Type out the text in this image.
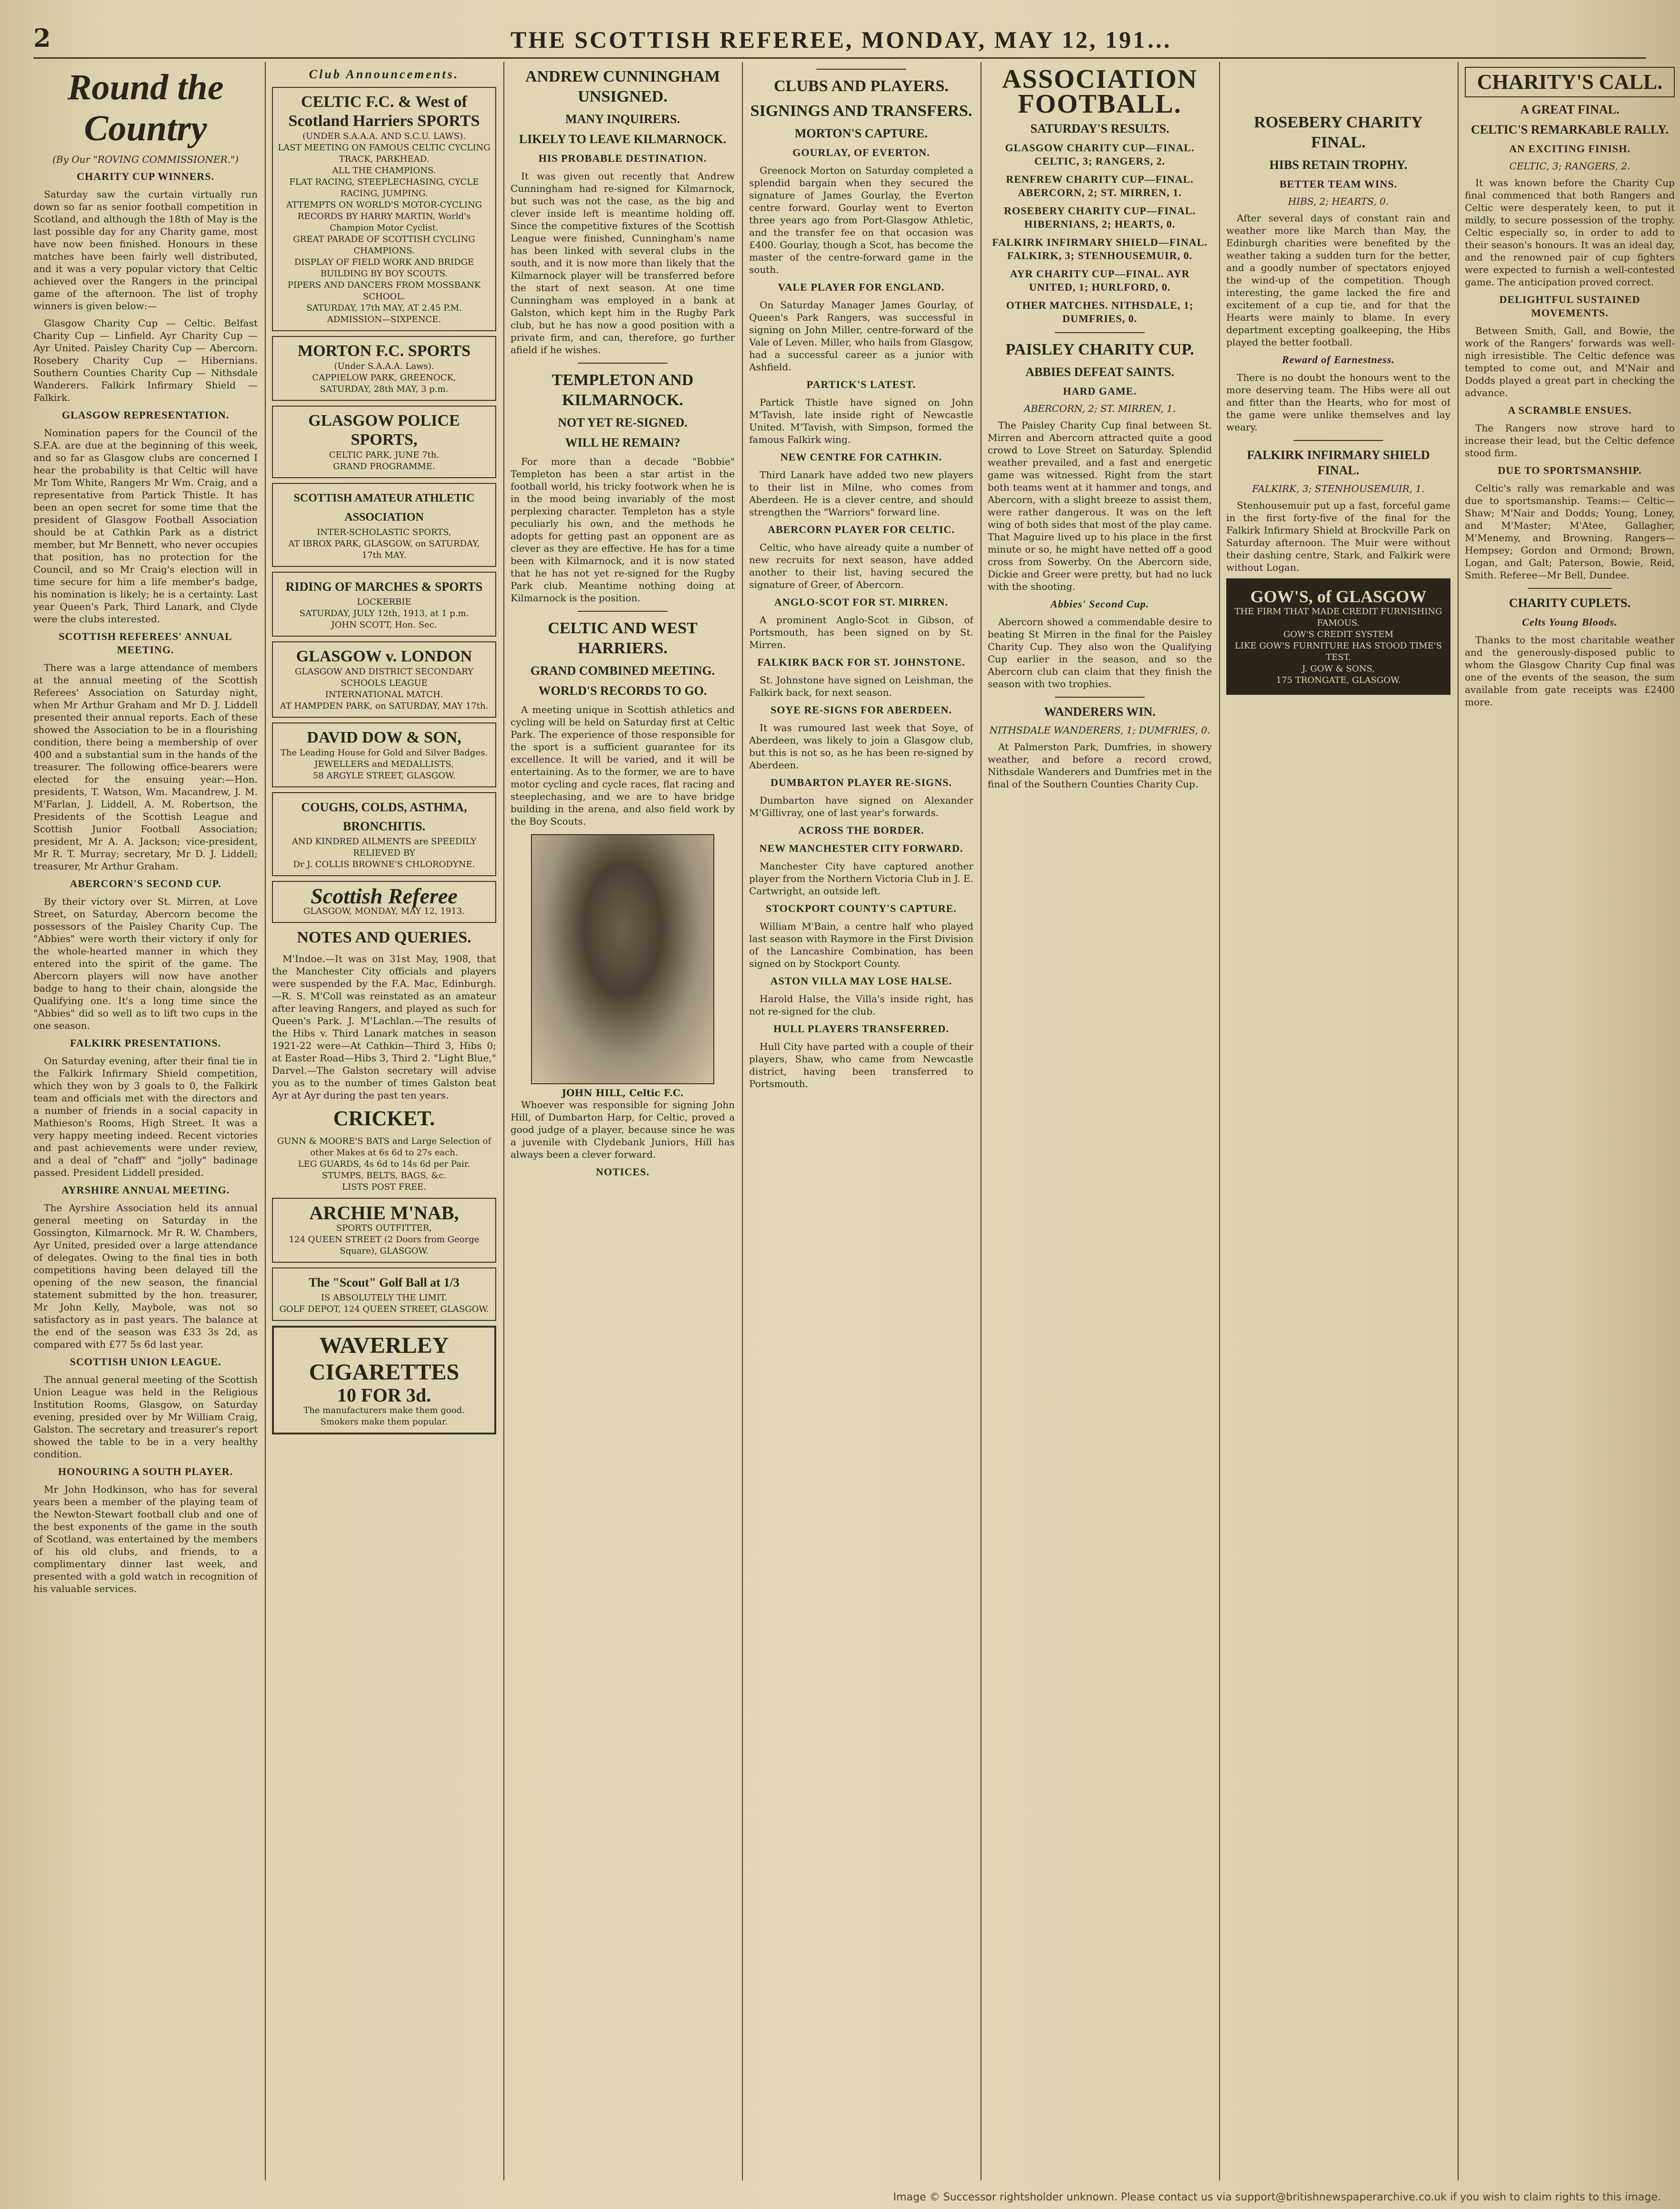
2	THE SCOTTISH REFEREE, MONDAY, MAY 12, 191…
Round the Country
(By Our "ROVING COMMISSIONER.")
CHARITY CUP WINNERS.

Saturday saw the curtain virtually run down so far as senior football competition in Scotland, and although the 18th of May is the last possible day for any Charity game, most have now been finished. Honours in these matches have been fairly well distributed, and it was a very popular victory that Celtic achieved over the Rangers in the principal game of the afternoon. The list of trophy winners is given below:—

Glasgow Charity Cup — Celtic. Belfast Charity Cup — Linfield. Ayr Charity Cup — Ayr United. Paisley Charity Cup — Abercorn. Rosebery Charity Cup — Hibernians. Southern Counties Charity Cup — Nithsdale Wanderers. Falkirk Infirmary Shield — Falkirk.

GLASGOW REPRESENTATION.

Nomination papers for the Council of the S.F.A. are due at the beginning of this week, and so far as Glasgow clubs are concerned I hear the probability is that Celtic will have Mr Tom White, Rangers Mr Wm. Craig, and a representative from Partick Thistle. It has been an open secret for some time that the president of Glasgow Football Association should be at Cathkin Park as a district member, but Mr Bennett, who never occupies that position, has no protection for the Council, and so Mr Craig's election will in time secure for him a life member's badge, his nomination is likely; he is a certainty. Last year Queen's Park, Third Lanark, and Clyde were the clubs interested.

SCOTTISH REFEREES' ANNUAL MEETING.

There was a large attendance of members at the annual meeting of the Scottish Referees' Association on Saturday night, when Mr Arthur Graham and Mr D. J. Liddell presented their annual reports. Each of these showed the Association to be in a flourishing condition, there being a membership of over 400 and a substantial sum in the hands of the treasurer. The following office-bearers were elected for the ensuing year:—Hon. presidents, T. Watson, Wm. Macandrew, J. M. M'Farlan, J. Liddell, A. M. Robertson, the Presidents of the Scottish League and Scottish Junior Football Association; president, Mr A. A. Jackson; vice-president, Mr R. T. Murray; secretary, Mr D. J. Liddell; treasurer, Mr Arthur Graham.

ABERCORN'S SECOND CUP.

By their victory over St. Mirren, at Love Street, on Saturday, Abercorn become the possessors of the Paisley Charity Cup. The "Abbies" were worth their victory if only for the whole-hearted manner in which they entered into the spirit of the game. The Abercorn players will now have another badge to hang to their chain, alongside the Qualifying one. It's a long time since the "Abbies" did so well as to lift two cups in the one season.

FALKIRK PRESENTATIONS.

On Saturday evening, after their final tie in the Falkirk Infirmary Shield competition, which they won by 3 goals to 0, the Falkirk team and officials met with the directors and a number of friends in a social capacity in Mathieson's Rooms, High Street. It was a very happy meeting indeed. Recent victories and past achievements were under review, and a deal of "chaff" and "jolly" badinage passed. President Liddell presided.

AYRSHIRE ANNUAL MEETING.

The Ayrshire Association held its annual general meeting on Saturday in the Gossington, Kilmarnock. Mr R. W. Chambers, Ayr United, presided over a large attendance of delegates. Owing to the final ties in both competitions having been delayed till the opening of the new season, the financial statement submitted by the hon. treasurer, Mr John Kelly, Maybole, was not so satisfactory as in past years. The balance at the end of the season was £33 3s 2d, as compared with £77 5s 6d last year.

SCOTTISH UNION LEAGUE.

The annual general meeting of the Scottish Union League was held in the Religious Institution Rooms, Glasgow, on Saturday evening, presided over by Mr William Craig, Galston. The secretary and treasurer's report showed the table to be in a very healthy condition.

HONOURING A SOUTH PLAYER.

Mr John Hodkinson, who has for several years been a member of the playing team of the Newton-Stewart football club and one of the best exponents of the game in the south of Scotland, was entertained by the members of his old clubs, and friends, to a complimentary dinner last week, and presented with a gold watch in recognition of his valuable services.

Club Announcements.
CELTIC F.C. & West of Scotland Harriers SPORTS
(UNDER S.A.A.A. AND S.C.U. LAWS).
LAST MEETING ON FAMOUS CELTIC CYCLING TRACK, PARKHEAD.
ALL THE CHAMPIONS.
FLAT RACING, STEEPLECHASING, CYCLE RACING, JUMPING.
ATTEMPTS ON WORLD'S MOTOR-CYCLING RECORDS BY HARRY MARTIN, World's Champion Motor Cyclist.
GREAT PARADE OF SCOTTISH CYCLING CHAMPIONS.
DISPLAY OF FIELD WORK AND BRIDGE BUILDING BY BOY SCOUTS.
PIPERS AND DANCERS FROM MOSSBANK SCHOOL.
SATURDAY, 17th MAY, AT 2.45 P.M.
ADMISSION—SIXPENCE.
MORTON F.C. SPORTS
(Under S.A.A.A. Laws).
CAPPIELOW PARK, GREENOCK,
SATURDAY, 28th MAY, 3 p.m.
GLASGOW POLICE SPORTS,
CELTIC PARK, JUNE 7th.
GRAND PROGRAMME.
SCOTTISH AMATEUR ATHLETIC ASSOCIATION
INTER-SCHOLASTIC SPORTS,
AT IBROX PARK, GLASGOW, on SATURDAY, 17th MAY.
RIDING OF MARCHES & SPORTS
LOCKERBIE
SATURDAY, JULY 12th, 1913, at 1 p.m.
JOHN SCOTT, Hon. Sec.
GLASGOW v. LONDON
GLASGOW AND DISTRICT SECONDARY SCHOOLS LEAGUE
INTERNATIONAL MATCH.
AT HAMPDEN PARK, on SATURDAY, MAY 17th.
DAVID DOW & SON,
The Leading House for Gold and Silver Badges.
JEWELLERS and MEDALLISTS,
58 ARGYLE STREET, GLASGOW.
COUGHS, COLDS, ASTHMA, BRONCHITIS.
AND KINDRED AILMENTS are SPEEDILY RELIEVED BY
Dr J. COLLIS BROWNE'S CHLORODYNE.
Scottish Referee
GLASGOW, MONDAY, MAY 12, 1913.
NOTES AND QUERIES.

M'Indoe.—It was on 31st May, 1908, that the Manchester City officials and players were suspended by the F.A. Mac, Edinburgh.—R. S. M'Coll was reinstated as an amateur after leaving Rangers, and played as such for Queen's Park. J. M'Lachlan.—The results of the Hibs v. Third Lanark matches in season 1921-22 were—At Cathkin—Third 3, Hibs 0; at Easter Road—Hibs 3, Third 2. "Light Blue," Darvel.—The Galston secretary will advise you as to the number of times Galston beat Ayr at Ayr during the past ten years.

CRICKET.
GUNN & MOORE'S BATS and Large Selection of other Makes at 6s 6d to 27s each.
LEG GUARDS, 4s 6d to 14s 6d per Pair.
STUMPS, BELTS, BAGS, &c.
LISTS POST FREE.
ARCHIE M'NAB,
SPORTS OUTFITTER,
124 QUEEN STREET (2 Doors from George Square), GLASGOW.
The "Scout" Golf Ball at 1/3
IS ABSOLUTELY THE LIMIT.
GOLF DEPOT, 124 QUEEN STREET, GLASGOW.
WAVERLEY CIGARETTES
10 FOR 3d.
The manufacturers make them good.
Smokers make them popular.
ANDREW CUNNINGHAM UNSIGNED.
MANY INQUIRERS.
LIKELY TO LEAVE KILMARNOCK.
HIS PROBABLE DESTINATION.

It was given out recently that Andrew Cunningham had re-signed for Kilmarnock, but such was not the case, as the big and clever inside left is meantime holding off. Since the competitive fixtures of the Scottish League were finished, Cunningham's name has been linked with several clubs in the south, and it is now more than likely that the Kilmarnock player will be transferred before the start of next season. At one time Cunningham was employed in a bank at Galston, which kept him in the Rugby Park club, but he has now a good position with a private firm, and can, therefore, go further afield if he wishes.

TEMPLETON AND KILMARNOCK.
NOT YET RE-SIGNED.
WILL HE REMAIN?

For more than a decade "Bobbie" Templeton has been a star artist in the football world, his tricky footwork when he is in the mood being invariably of the most perplexing character. Templeton has a style peculiarly his own, and the methods he adopts for getting past an opponent are as clever as they are effective. He has for a time been with Kilmarnock, and it is now stated that he has not yet re-signed for the Rugby Park club. Meantime nothing doing at Kilmarnock is the position.

CELTIC AND WEST HARRIERS.
GRAND COMBINED MEETING.
WORLD'S RECORDS TO GO.

A meeting unique in Scottish athletics and cycling will be held on Saturday first at Celtic Park. The experience of those responsible for the sport is a sufficient guarantee for its excellence. It will be varied, and it will be entertaining. As to the former, we are to have motor cycling and cycle races, flat racing and steeplechasing, and we are to have bridge building in the arena, and also field work by the Boy Scouts.

JOHN HILL, Celtic F.C.

Whoever was responsible for signing John Hill, of Dumbarton Harp, for Celtic, proved a good judge of a player, because since he was a juvenile with Clydebank Juniors, Hill has always been a clever forward.

NOTICES.
CLUBS AND PLAYERS.
SIGNINGS AND TRANSFERS.
MORTON'S CAPTURE.
GOURLAY, OF EVERTON.

Greenock Morton on Saturday completed a splendid bargain when they secured the signature of James Gourlay, the Everton centre forward. Gourlay went to Everton three years ago from Port-Glasgow Athletic, and the transfer fee on that occasion was £400. Gourlay, though a Scot, has become the master of the centre-forward game in the south.

VALE PLAYER FOR ENGLAND.

On Saturday Manager James Gourlay, of Queen's Park Rangers, was successful in signing on John Miller, centre-forward of the Vale of Leven. Miller, who hails from Glasgow, had a successful career as a junior with Ashfield.

PARTICK'S LATEST.

Partick Thistle have signed on John M'Tavish, late inside right of Newcastle United. M'Tavish, with Simpson, formed the famous Falkirk wing.

NEW CENTRE FOR CATHKIN.

Third Lanark have added two new players to their list in Milne, who comes from Aberdeen. He is a clever centre, and should strengthen the "Warriors" forward line.

ABERCORN PLAYER FOR CELTIC.

Celtic, who have already quite a number of new recruits for next season, have added another to their list, having secured the signature of Greer, of Abercorn.

ANGLO-SCOT FOR ST. MIRREN.

A prominent Anglo-Scot in Gibson, of Portsmouth, has been signed on by St. Mirren.

FALKIRK BACK FOR ST. JOHNSTONE.

St. Johnstone have signed on Leishman, the Falkirk back, for next season.

SOYE RE-SIGNS FOR ABERDEEN.

It was rumoured last week that Soye, of Aberdeen, was likely to join a Glasgow club, but this is not so, as he has been re-signed by Aberdeen.

DUMBARTON PLAYER RE-SIGNS.

Dumbarton have signed on Alexander M'Gillivray, one of last year's forwards.

ACROSS THE BORDER.
NEW MANCHESTER CITY FORWARD.

Manchester City have captured another player from the Northern Victoria Club in J. E. Cartwright, an outside left.

STOCKPORT COUNTY'S CAPTURE.

William M'Bain, a centre half who played last season with Raymore in the First Division of the Lancashire Combination, has been signed on by Stockport County.

ASTON VILLA MAY LOSE HALSE.

Harold Halse, the Villa's inside right, has not re-signed for the club.

HULL PLAYERS TRANSFERRED.

Hull City have parted with a couple of their players, Shaw, who came from Newcastle district, having been transferred to Portsmouth.

ASSOCIATION FOOTBALL.
SATURDAY'S RESULTS.
GLASGOW CHARITY CUP—FINAL. CELTIC, 3; RANGERS, 2.
RENFREW CHARITY CUP—FINAL. ABERCORN, 2; ST. MIRREN, 1.
ROSEBERY CHARITY CUP—FINAL. HIBERNIANS, 2; HEARTS, 0.
FALKIRK INFIRMARY SHIELD—FINAL. FALKIRK, 3; STENHOUSEMUIR, 0.
AYR CHARITY CUP—FINAL. AYR UNITED, 1; HURLFORD, 0.
OTHER MATCHES. NITHSDALE, 1; DUMFRIES, 0.
PAISLEY CHARITY CUP.
ABBIES DEFEAT SAINTS.
HARD GAME.
ABERCORN, 2; ST. MIRREN, 1.

The Paisley Charity Cup final between St. Mirren and Abercorn attracted quite a good crowd to Love Street on Saturday. Splendid weather prevailed, and a fast and energetic game was witnessed. Right from the start both teams went at it hammer and tongs, and Abercorn, with a slight breeze to assist them, were rather dangerous. It was on the left wing of both sides that most of the play came. That Maguire lived up to his place in the first minute or so, he might have netted off a good cross from Sowerby. On the Abercorn side, Dickie and Greer were pretty, but had no luck with the shooting.

Abbies' Second Cup.

Abercorn showed a commendable desire to beating St Mirren in the final for the Paisley Charity Cup. They also won the Qualifying Cup earlier in the season, and so the Abercorn club can claim that they finish the season with two trophies.

WANDERERS WIN.
NITHSDALE WANDERERS, 1; DUMFRIES, 0.

At Palmerston Park, Dumfries, in showery weather, and before a record crowd, Nithsdale Wanderers and Dumfries met in the final of the Southern Counties Charity Cup.

ROSEBERY CHARITY FINAL.
HIBS RETAIN TROPHY.
BETTER TEAM WINS.
HIBS, 2; HEARTS, 0.

After several days of constant rain and weather more like March than May, the Edinburgh charities were benefited by the weather taking a sudden turn for the better, and a goodly number of spectators enjoyed the wind-up of the competition. Though interesting, the game lacked the fire and excitement of a cup tie, and for that the Hearts were mainly to blame. In every department excepting goalkeeping, the Hibs played the better football.

Reward of Earnestness.

There is no doubt the honours went to the more deserving team. The Hibs were all out and fitter than the Hearts, who for most of the game were unlike themselves and lay weary.

FALKIRK INFIRMARY SHIELD FINAL.
FALKIRK, 3; STENHOUSEMUIR, 1.

Stenhousemuir put up a fast, forceful game in the first forty-five of the final for the Falkirk Infirmary Shield at Brockville Park on Saturday afternoon. The Muir were without their dashing centre, Stark, and Falkirk were without Logan.

GOW'S, of GLASGOW
THE FIRM THAT MADE CREDIT FURNISHING FAMOUS.
GOW'S CREDIT SYSTEM
LIKE GOW'S FURNITURE HAS STOOD TIME'S TEST.
J. GOW & SONS,
175 TRONGATE, GLASGOW.
CHARITY'S CALL.
A GREAT FINAL.
CELTIC'S REMARKABLE RALLY.
AN EXCITING FINISH.
CELTIC, 3; RANGERS, 2.

It was known before the Charity Cup final commenced that both Rangers and Celtic were desperately keen, to put it mildly, to secure possession of the trophy. Celtic especially so, in order to add to their season's honours. It was an ideal day, and the renowned pair of cup fighters were expected to furnish a well-contested game. The anticipation proved correct.

DELIGHTFUL SUSTAINED MOVEMENTS.

Between Smith, Gall, and Bowie, the work of the Rangers' forwards was well-nigh irresistible. The Celtic defence was tempted to come out, and M'Nair and Dodds played a great part in checking the advance.

A SCRAMBLE ENSUES.

The Rangers now strove hard to increase their lead, but the Celtic defence stood firm.

DUE TO SPORTSMANSHIP.

Celtic's rally was remarkable and was due to sportsmanship. Teams:— Celtic—Shaw; M'Nair and Dodds; Young, Loney, and M'Master; M'Atee, Gallagher, M'Menemy, and Browning. Rangers—Hempsey; Gordon and Ormond; Brown, Logan, and Galt; Paterson, Bowie, Reid, Smith. Referee—Mr Bell, Dundee.

CHARITY CUPLETS.
Celts Young Bloods.

Thanks to the most charitable weather and the generously-disposed public to whom the Glasgow Charity Cup final was one of the events of the season, the sum available from gate receipts was £2400 more.

Image © Successor rightsholder unknown. Please contact us via support@britishnewspaperarchive.co.uk if you wish to claim rights to this image.
